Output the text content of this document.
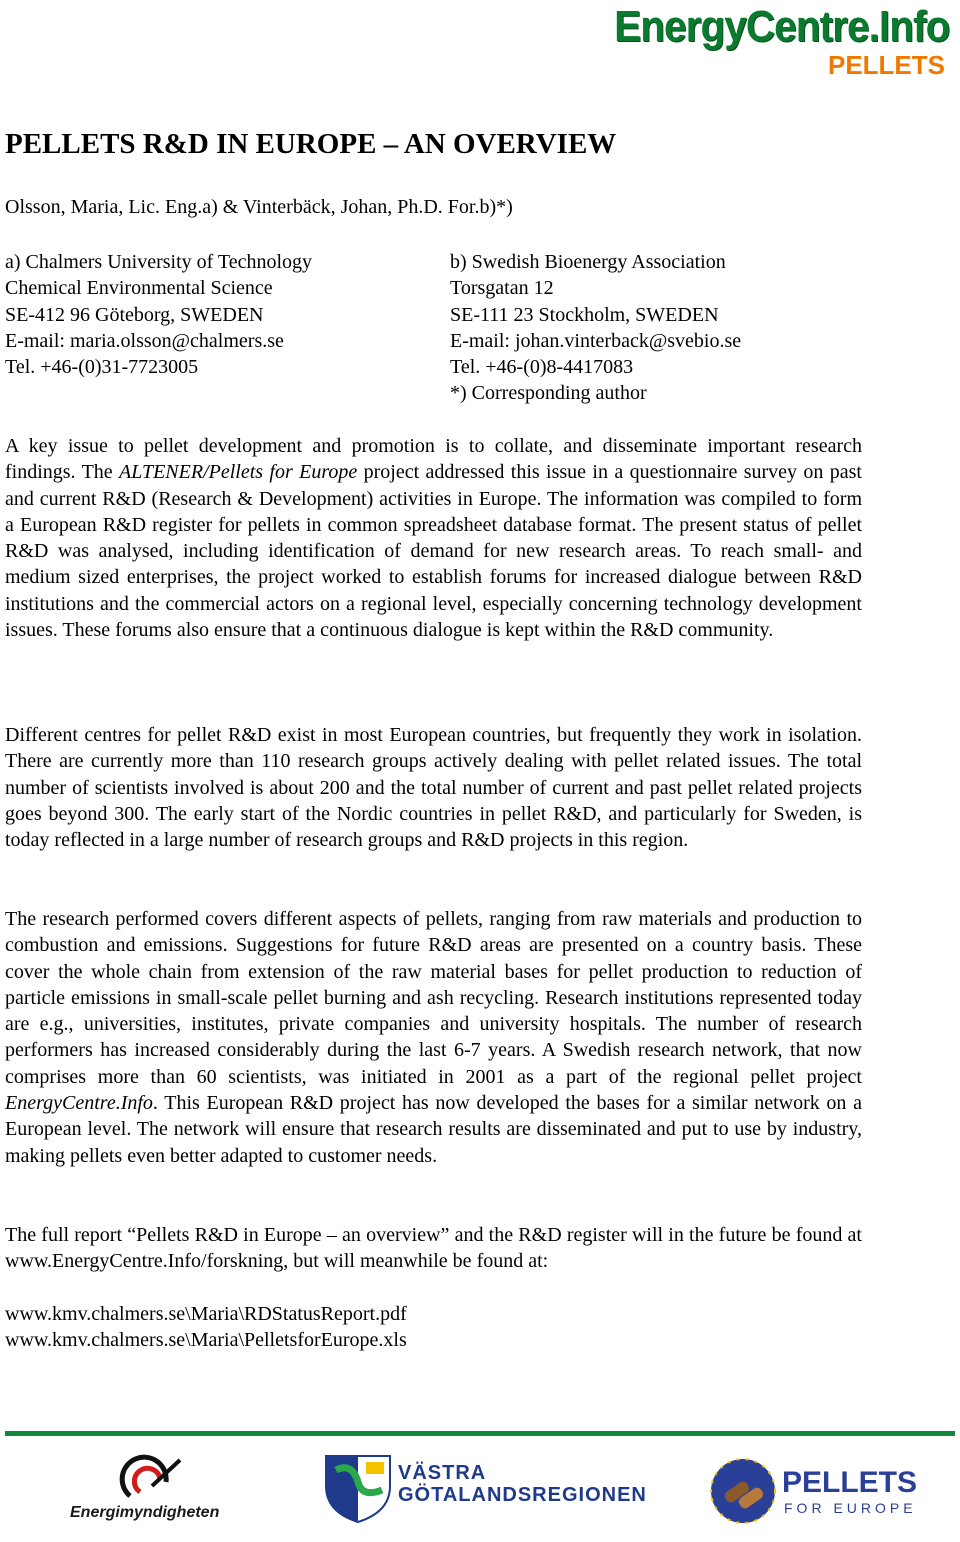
EnergyCentre.Info
PELLETS
PELLETS R&D IN EUROPE – AN OVERVIEW
Olsson, Maria, Lic. Eng.a) & Vinterbäck, Johan, Ph.D. For.b)*)
a) Chalmers University of Technology
Chemical Environmental Science
SE-412 96 Göteborg, SWEDEN
E-mail: maria.olsson@chalmers.se
Tel. +46-(0)31-7723005
b) Swedish Bioenergy Association
Torsgatan 12
SE-111 23 Stockholm, SWEDEN
E-mail: johan.vinterback@svebio.se
Tel. +46-(0)8-4417083
*) Corresponding author

A key issue to pellet development and promotion is to collate, and disseminate important research findings. The ALTENER/Pellets for Europe project addressed this issue in a questionnaire survey on past and current R&D (Research & Development) activities in Europe. The information was compiled to form a European R&D register for pellets in common spreadsheet database format. The present status of pellet R&D was analysed, including identification of demand for new research areas. To reach small- and medium sized enterprises, the project worked to establish forums for increased dialogue between R&D institutions and the commercial actors on a regional level, especially concerning technology development issues. These forums also ensure that a continuous dialogue is kept within the R&D community.

Different centres for pellet R&D exist in most European countries, but frequently they work in isolation. There are currently more than 110 research groups actively dealing with pellet related issues. The total number of scientists involved is about 200 and the total number of current and past pellet related projects goes beyond 300. The early start of the Nordic countries in pellet R&D, and particularly for Sweden, is today reflected in a large number of research groups and R&D projects in this region.

The research performed covers different aspects of pellets, ranging from raw materials and production to combustion and emissions. Suggestions for future R&D areas are presented on a country basis. These cover the whole chain from extension of the raw material bases for pellet production to reduction of particle emissions in small-scale pellet burning and ash recycling. Research institutions represented today are e.g., universities, institutes, private companies and university hospitals. The number of research performers has increased considerably during the last 6-7 years. A Swedish research network, that now comprises more than 60 scientists, was initiated in 2001 as a part of the regional pellet project EnergyCentre.Info. This European R&D project has now developed the bases for a similar network on a European level. The network will ensure that research results are disseminated and put to use by industry, making pellets even better adapted to customer needs.

The full report “Pellets R&D in Europe – an overview” and the R&D register will in the future be found at www.EnergyCentre.Info/forskning, but will meanwhile be found at:

www.kmv.chalmers.se\Maria\RDStatusReport.pdf
www.kmv.chalmers.se\Maria\PelletsforEurope.xls
Energimyndigheten
VÄSTRA
GÖTALANDSREGIONEN	PELLETS
FOR EUROPE
